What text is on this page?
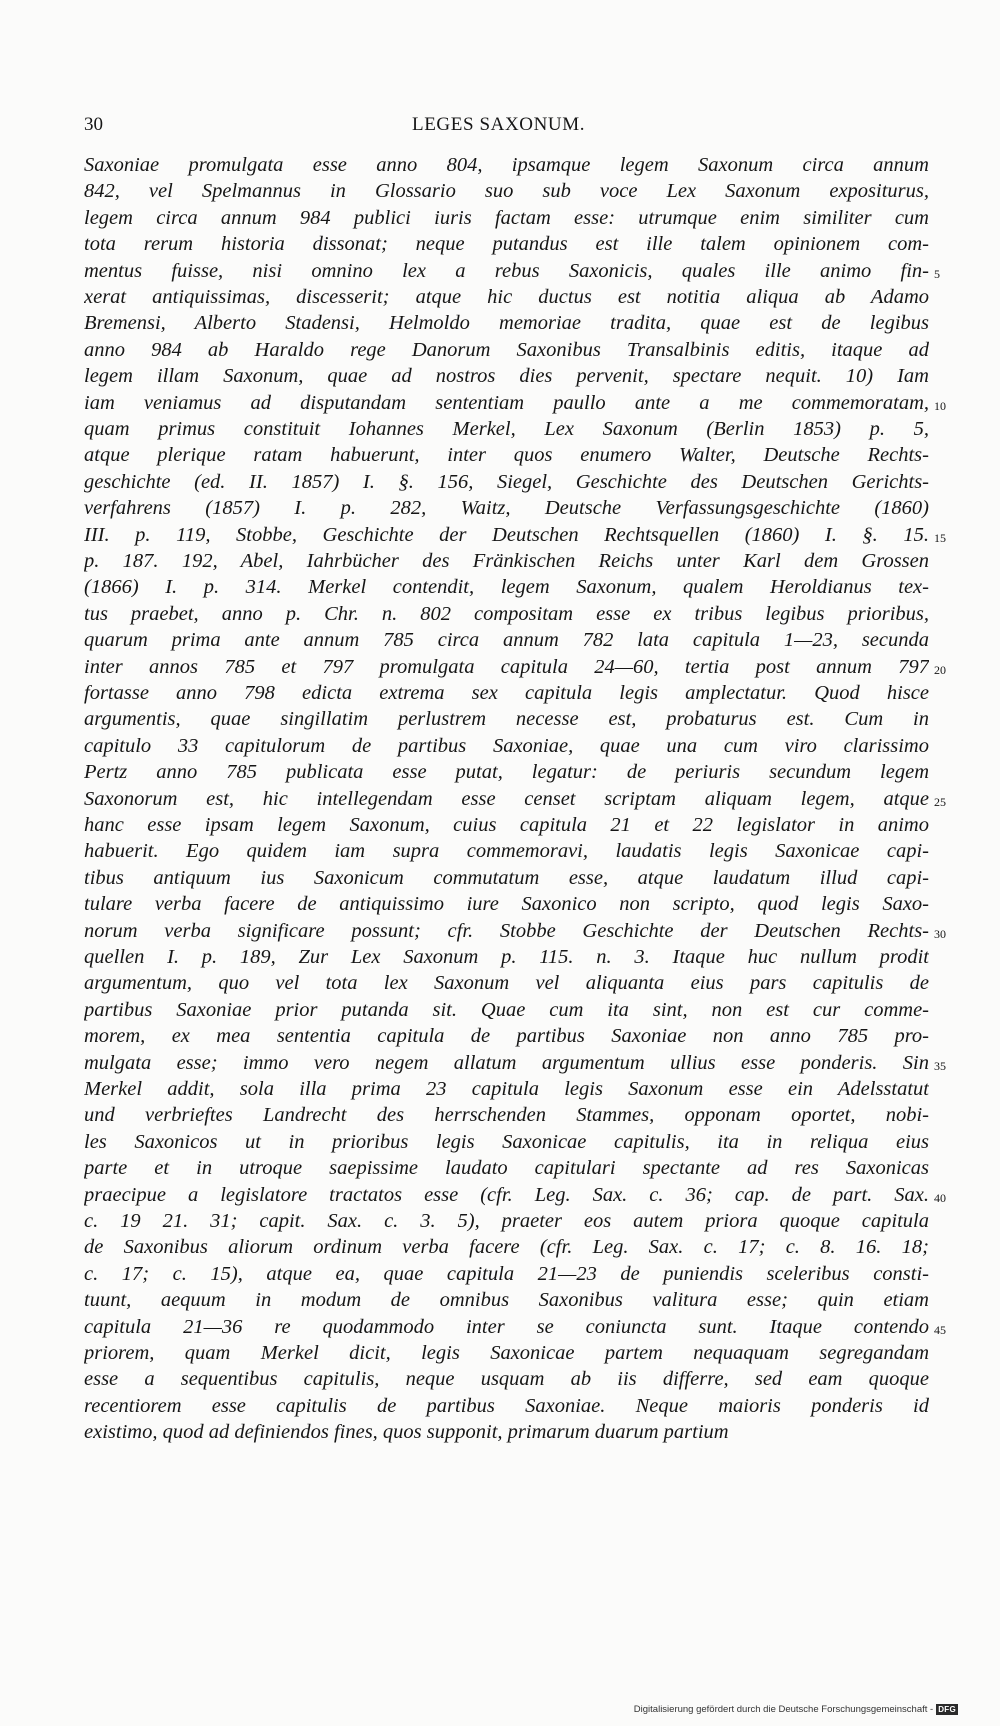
30	LEGES SAXONUM.
Saxoniae promulgata esse anno 804, ipsamque legem Saxonum circa annum
842, vel Spelmannus in Glossario suo sub voce Lex Saxonum expositurus,
legem circa annum 984 publici iuris factam esse: utrumque enim similiter cum
tota rerum historia dissonat; neque putandus est ille talem opinionem com-
mentus fuisse, nisi omnino lex a rebus Saxonicis, quales ille animo fin-
xerat antiquissimas, discesserit; atque hic ductus est notitia aliqua ab Adamo
Bremensi, Alberto Stadensi, Helmoldo memoriae tradita, quae est de legibus
anno 984 ab Haraldo rege Danorum Saxonibus Transalbinis editis, itaque ad
legem illam Saxonum, quae ad nostros dies pervenit, spectare nequit. 10) Iam
iam veniamus ad disputandam sententiam paullo ante a me commemoratam,
quam primus constituit Iohannes Merkel, Lex Saxonum (Berlin 1853) p. 5,
atque plerique ratam habuerunt, inter quos enumero Walter, Deutsche Rechts-
geschichte (ed. II. 1857) I. §. 156, Siegel, Geschichte des Deutschen Gerichts-
verfahrens (1857) I. p. 282, Waitz, Deutsche Verfassungsgeschichte (1860)
III. p. 119, Stobbe, Geschichte der Deutschen Rechtsquellen (1860) I. §. 15.
p. 187. 192, Abel, Iahrbücher des Fränkischen Reichs unter Karl dem Grossen
(1866) I. p. 314. Merkel contendit, legem Saxonum, qualem Heroldianus tex-
tus praebet, anno p. Chr. n. 802 compositam esse ex tribus legibus prioribus,
quarum prima ante annum 785 circa annum 782 lata capitula 1—23, secunda
inter annos 785 et 797 promulgata capitula 24—60, tertia post annum 797
fortasse anno 798 edicta extrema sex capitula legis amplectatur. Quod hisce
argumentis, quae singillatim perlustrem necesse est, probaturus est. Cum in
capitulo 33 capitulorum de partibus Saxoniae, quae una cum viro clarissimo
Pertz anno 785 publicata esse putat, legatur: de periuris secundum legem
Saxonorum est, hic intellegendam esse censet scriptam aliquam legem, atque
hanc esse ipsam legem Saxonum, cuius capitula 21 et 22 legislator in animo
habuerit. Ego quidem iam supra commemoravi, laudatis legis Saxonicae capi-
tibus antiquum ius Saxonicum commutatum esse, atque laudatum illud capi-
tulare verba facere de antiquissimo iure Saxonico non scripto, quod legis Saxo-
norum verba significare possunt; cfr. Stobbe Geschichte der Deutschen Rechts-
quellen I. p. 189, Zur Lex Saxonum p. 115. n. 3. Itaque huc nullum prodit
argumentum, quo vel tota lex Saxonum vel aliquanta eius pars capitulis de
partibus Saxoniae prior putanda sit. Quae cum ita sint, non est cur comme-
morem, ex mea sententia capitula de partibus Saxoniae non anno 785 pro-
mulgata esse; immo vero negem allatum argumentum ullius esse ponderis. Sin
Merkel addit, sola illa prima 23 capitula legis Saxonum esse ein Adelsstatut
und verbrieftes Landrecht des herrschenden Stammes, opponam oportet, nobi-
les Saxonicos ut in prioribus legis Saxonicae capitulis, ita in reliqua eius
parte et in utroque saepissime laudato capitulari spectante ad res Saxonicas
praecipue a legislatore tractatos esse (cfr. Leg. Sax. c. 36; cap. de part. Sax.
c. 19 21. 31; capit. Sax. c. 3. 5), praeter eos autem priora quoque capitula
de Saxonibus aliorum ordinum verba facere (cfr. Leg. Sax. c. 17; c. 8. 16. 18;
c. 17; c. 15), atque ea, quae capitula 21—23 de puniendis sceleribus consti-
tuunt, aequum in modum de omnibus Saxonibus valitura esse; quin etiam
capitula 21—36 re quodammodo inter se coniuncta sunt. Itaque contendo
priorem, quam Merkel dicit, legis Saxonicae partem nequaquam segregandam
esse a sequentibus capitulis, neque usquam ab iis differre, sed eam quoque
recentiorem esse capitulis de partibus Saxoniae. Neque maioris ponderis id
existimo, quod ad definiendos fines, quos supponit, primarum duarum partium
5
10
15
20
25
30
35
40
45
Digitalisierung gefördert durch die Deutsche Forschungsgemeinschaft - DFG
